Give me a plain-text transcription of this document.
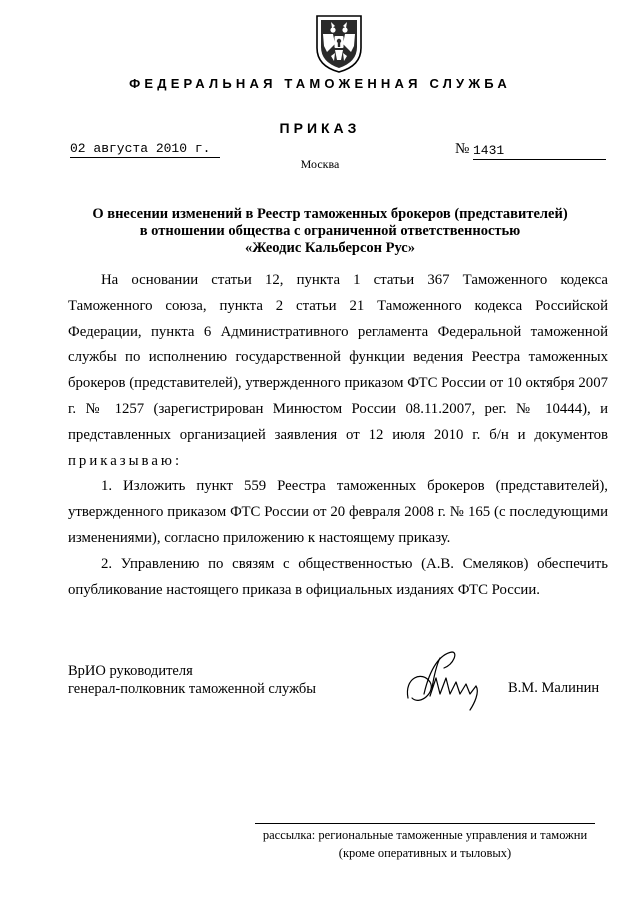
ФЕДЕРАЛЬНАЯ ТАМОЖЕННАЯ СЛУЖБА
ПРИКАЗ
02 августа 2010 г.	№ 1431
Москва
О внесении изменений в Реестр таможенных брокеров (представителей)
в отношении общества с ограниченной ответственностью
«Жеодис Кальберсон Рус»

На основании статьи 12, пункта 1 статьи 367 Таможенного кодекса Таможенного союза, пункта 2 статьи 21 Таможенного кодекса Российской Федерации, пункта 6 Административного регламента Федеральной таможенной службы по исполнению государственной функции ведения Реестра таможенных брокеров (представителей), утвержденного приказом ФТС России от 10 октября 2007 г. № 1257 (зарегистрирован Минюстом России 08.11.2007, рег. № 10444), и представленных организацией заявления от 12 июля 2010 г. б/н и документов приказываю:

1. Изложить пункт 559 Реестра таможенных брокеров (представителей), утвержденного приказом ФТС России от 20 февраля 2008 г. № 165 (с последующими изменениями), согласно приложению к настоящему приказу.

2. Управлению по связям с общественностью (А.В. Смеляков) обеспечить опубликование настоящего приказа в официальных изданиях ФТС России.

ВрИО руководителя
генерал-полковник таможенной службы	В.М. Малинин
рассылка: региональные таможенные управления и таможни
(кроме оперативных и тыловых)
